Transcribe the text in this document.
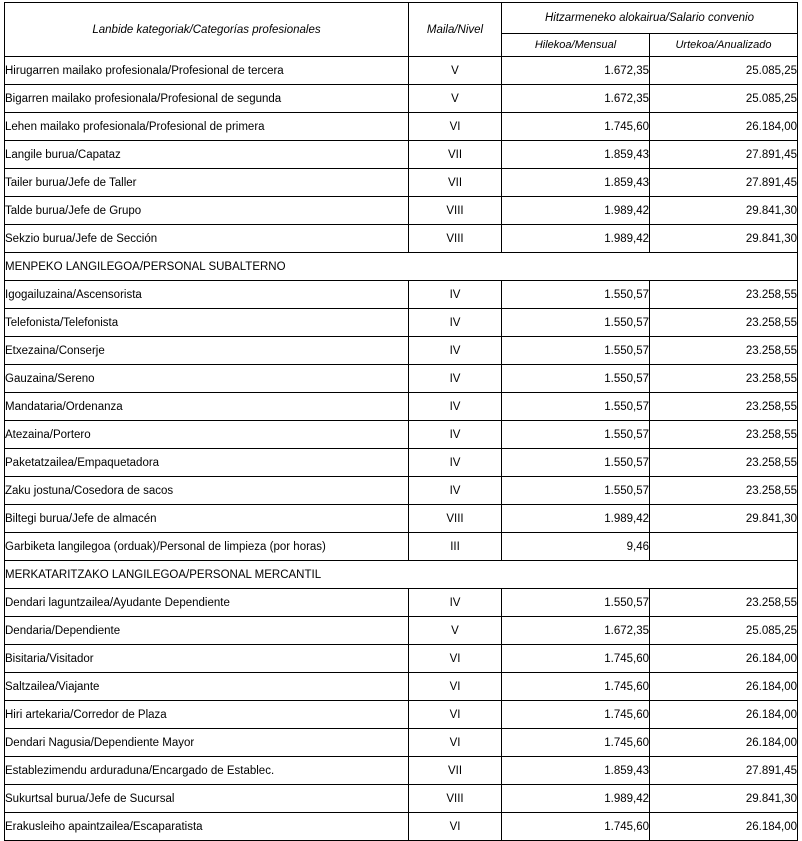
Lanbide kategoriak/Categorías profesionales	Maila/Nivel	Hitzarmeneko alokairua/Salario convenio	
		Hilekoa/Mensual	Urtekoa/Anualizado
Hirugarren mailako profesionala/Profesional de tercera	V	1.672,35	25.085,25
Bigarren mailako profesionala/Profesional de segunda	V	1.672,35	25.085,25
Lehen mailako profesionala/Profesional de primera	VI	1.745,60	26.184,00
Langile burua/Capataz	VII	1.859,43	27.891,45
Tailer burua/Jefe de Taller	VII	1.859,43	27.891,45
Talde burua/Jefe de Grupo	VIII	1.989,42	29.841,30
Sekzio burua/Jefe de Sección	VIII	1.989,42	29.841,30
MENPEKO LANGILEGOA/PERSONAL SUBALTERNO			
Igogailuzaina/Ascensorista	IV	1.550,57	23.258,55
Telefonista/Telefonista	IV	1.550,57	23.258,55
Etxezaina/Conserje	IV	1.550,57	23.258,55
Gauzaina/Sereno	IV	1.550,57	23.258,55
Mandataria/Ordenanza	IV	1.550,57	23.258,55
Atezaina/Portero	IV	1.550,57	23.258,55
Paketatzailea/Empaquetadora	IV	1.550,57	23.258,55
Zaku jostuna/Cosedora de sacos	IV	1.550,57	23.258,55
Biltegi burua/Jefe de almacén	VIII	1.989,42	29.841,30
Garbiketa langilegoa (orduak)/Personal de limpieza (por horas)	III	9,46	
MERKATARITZAKO LANGILEGOA/PERSONAL MERCANTIL			
Dendari laguntzailea/Ayudante Dependiente	IV	1.550,57	23.258,55
Dendaria/Dependiente	V	1.672,35	25.085,25
Bisitaria/Visitador	VI	1.745,60	26.184,00
Saltzailea/Viajante	VI	1.745,60	26.184,00
Hiri artekaria/Corredor de Plaza	VI	1.745,60	26.184,00
Dendari Nagusia/Dependiente Mayor	VI	1.745,60	26.184,00
Establezimendu arduraduna/Encargado de Establec.	VII	1.859,43	27.891,45
Sukurtsal burua/Jefe de Sucursal	VIII	1.989,42	29.841,30
Erakusleiho apaintzailea/Escaparatista	VI	1.745,60	26.184,00
